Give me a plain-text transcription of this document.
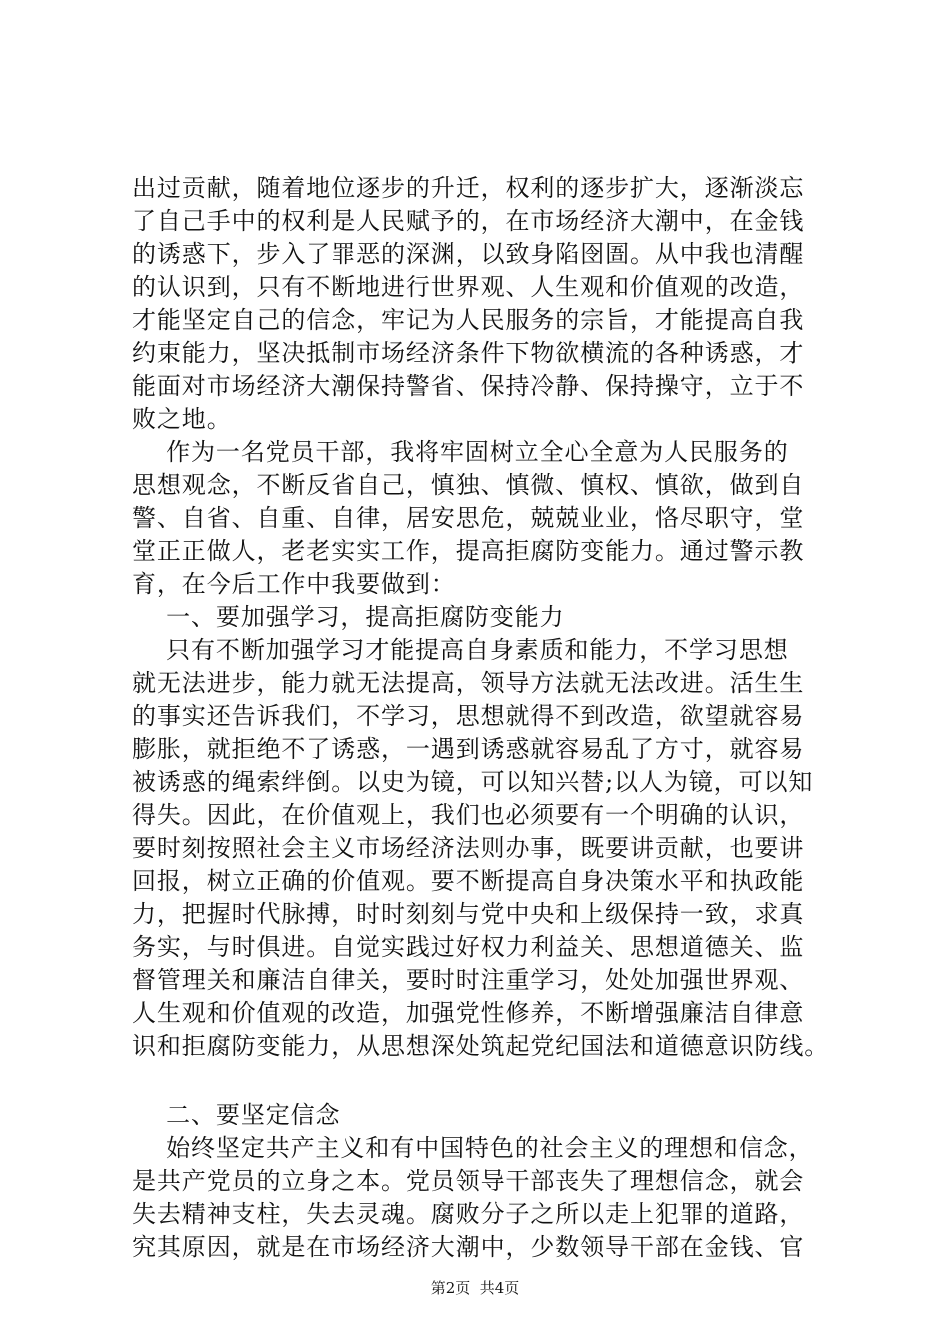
出过贡献，随着地位逐步的升迁，权利的逐步扩大，逐渐淡忘
了自己手中的权利是人民赋予的，在市场经济大潮中，在金钱
的诱惑下，步入了罪恶的深渊，以致身陷囹圄。从中我也清醒
的认识到，只有不断地进行世界观、人生观和价值观的改造，
才能坚定自己的信念，牢记为人民服务的宗旨，才能提高自我
约束能力，坚决抵制市场经济条件下物欲横流的各种诱惑，才
能面对市场经济大潮保持警省、保持冷静、保持操守，立于不
败之地。
作为一名党员干部，我将牢固树立全心全意为人民服务的
思想观念，不断反省自己，慎独、慎微、慎权、慎欲，做到自
警、自省、自重、自律，居安思危，兢兢业业，恪尽职守，堂
堂正正做人，老老实实工作，提高拒腐防变能力。通过警示教
育，在今后工作中我要做到：
一、要加强学习，提高拒腐防变能力
只有不断加强学习才能提高自身素质和能力，不学习思想
就无法进步，能力就无法提高，领导方法就无法改进。活生生
的事实还告诉我们，不学习，思想就得不到改造，欲望就容易
膨胀，就拒绝不了诱惑，一遇到诱惑就容易乱了方寸，就容易
被诱惑的绳索绊倒。以史为镜，可以知兴替;以人为镜，可以知
得失。因此，在价值观上，我们也必须要有一个明确的认识，
要时刻按照社会主义市场经济法则办事，既要讲贡献，也要讲
回报，树立正确的价值观。要不断提高自身决策水平和执政能
力，把握时代脉搏，时时刻刻与党中央和上级保持一致，求真
务实，与时俱进。自觉实践过好权力利益关、思想道德关、监
督管理关和廉洁自律关，要时时注重学习，处处加强世界观、
人生观和价值观的改造，加强党性修养，不断增强廉洁自律意
识和拒腐防变能力，从思想深处筑起党纪国法和道德意识防线。
二、要坚定信念
始终坚定共产主义和有中国特色的社会主义的理想和信念，
是共产党员的立身之本。党员领导干部丧失了理想信念，就会
失去精神支柱，失去灵魂。腐败分子之所以走上犯罪的道路，
究其原因，就是在市场经济大潮中，少数领导干部在金钱、官
第2页  共4页
